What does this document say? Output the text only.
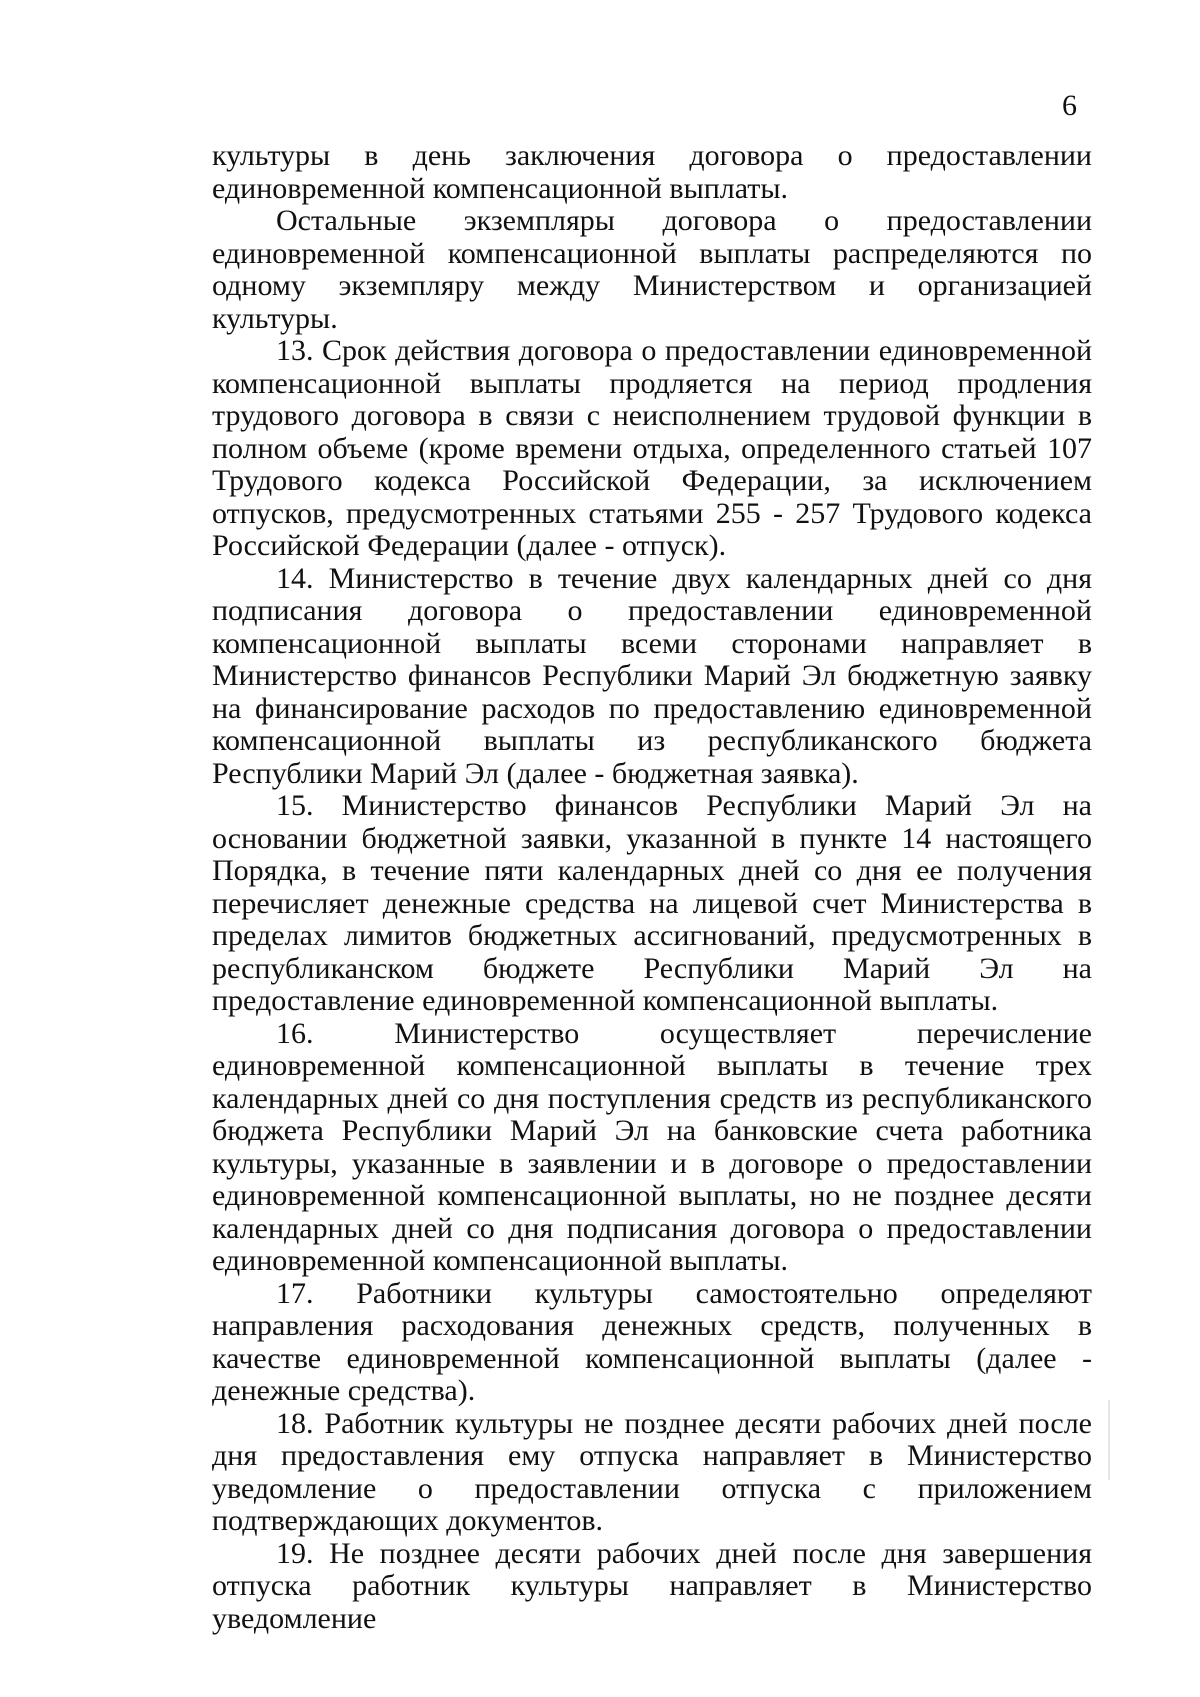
6

культуры в день заключения договора о предоставлении единовременной компенсационной выплаты.

Остальные экземпляры договора о предоставлении единовременной компенсационной выплаты распределяются по одному экземпляру между Министерством и организацией культуры.

13. Срок действия договора о предоставлении единовременной компенсационной выплаты продляется на период продления трудового договора в связи с неисполнением трудовой функции в полном объеме (кроме времени отдыха, определенного статьей 107 Трудового кодекса Российской Федерации, за исключением отпусков, предусмотренных статьями 255 - 257 Трудового кодекса Российской Федерации (далее - отпуск).

14. Министерство в течение двух календарных дней со дня подписания договора о предоставлении единовременной компенсационной выплаты всеми сторонами направляет в Министерство финансов Республики Марий Эл бюджетную заявку на финансирование расходов по предоставлению единовременной компенсационной выплаты из республиканского бюджета Республики Марий Эл (далее - бюджетная заявка).

15. Министерство финансов Республики Марий Эл на основании бюджетной заявки, указанной в пункте 14 настоящего Порядка, в течение пяти календарных дней со дня ее получения перечисляет денежные средства на лицевой счет Министерства в пределах лимитов бюджетных ассигнований, предусмотренных в республиканском бюджете Республики Марий Эл на предоставление единовременной компенсационной выплаты.

16. Министерство осуществляет перечисление единовременной компенсационной выплаты в течение трех календарных дней со дня поступления средств из республиканского бюджета Республики Марий Эл на банковские счета работника культуры, указанные в заявлении и в договоре о предоставлении единовременной компенсационной выплаты, но не позднее десяти календарных дней со дня подписания договора о предоставлении единовременной компенсационной выплаты.

17. Работники культуры самостоятельно определяют направления расходования денежных средств, полученных в качестве единовременной компенсационной выплаты (далее - денежные средства).

18. Работник культуры не позднее десяти рабочих дней после дня предоставления ему отпуска направляет в Министерство уведомление о предоставлении отпуска с приложением подтверждающих документов.

19. Не позднее десяти рабочих дней после дня завершения отпуска работник культуры направляет в Министерство уведомление
